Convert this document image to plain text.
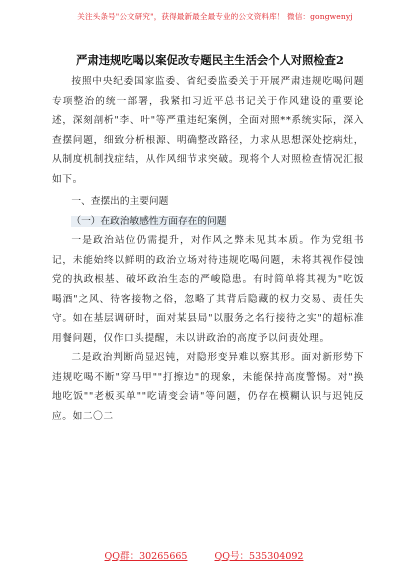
关注头条号"公文研究"，获得最新最全最专业的公文资料库！ 微信：gongwenyj
严肃违规吃喝以案促改专题民主生活会个人对照检查2

按照中央纪委国家监委、省纪委监委关于开展严肃违规吃喝问题专项整治的统一部署，我紧扣习近平总书记关于作风建设的重要论述，深刻剖析"李、叶"等严重违纪案例，全面对照**系统实际，深入查摆问题，细致分析根源、明确整改路径，力求从思想深处挖病灶，从制度机制找症结，从作风细节求突破。现将个人对照检查情况汇报如下。

一、查摆出的主要问题

（一）在政治敏感性方面存在的问题

一是政治站位仍需提升，对作风之弊未见其本质。作为党组书记，未能始终以鲜明的政治立场对待违规吃喝问题，未将其视作侵蚀党的执政根基、破坏政治生态的严峻隐患。有时简单将其视为"吃饭喝酒"之风、待客接物之俗，忽略了其背后隐藏的权力交易、责任失守。如在基层调研时，面对某县局"以服务之名行接待之实"的超标准用餐问题，仅作口头提醒，未以讲政治的高度予以问责处理。

二是政治判断尚显迟钝，对隐形变异难以察其形。面对新形势下违规吃喝不断"穿马甲""打擦边"的现象，未能保持高度警惕。对"换地吃饭""老板买单""吃请变会请"等问题，仍存在模糊认识与迟钝反应。如二〇二

QQ群：30265665	QQ号：535304092
